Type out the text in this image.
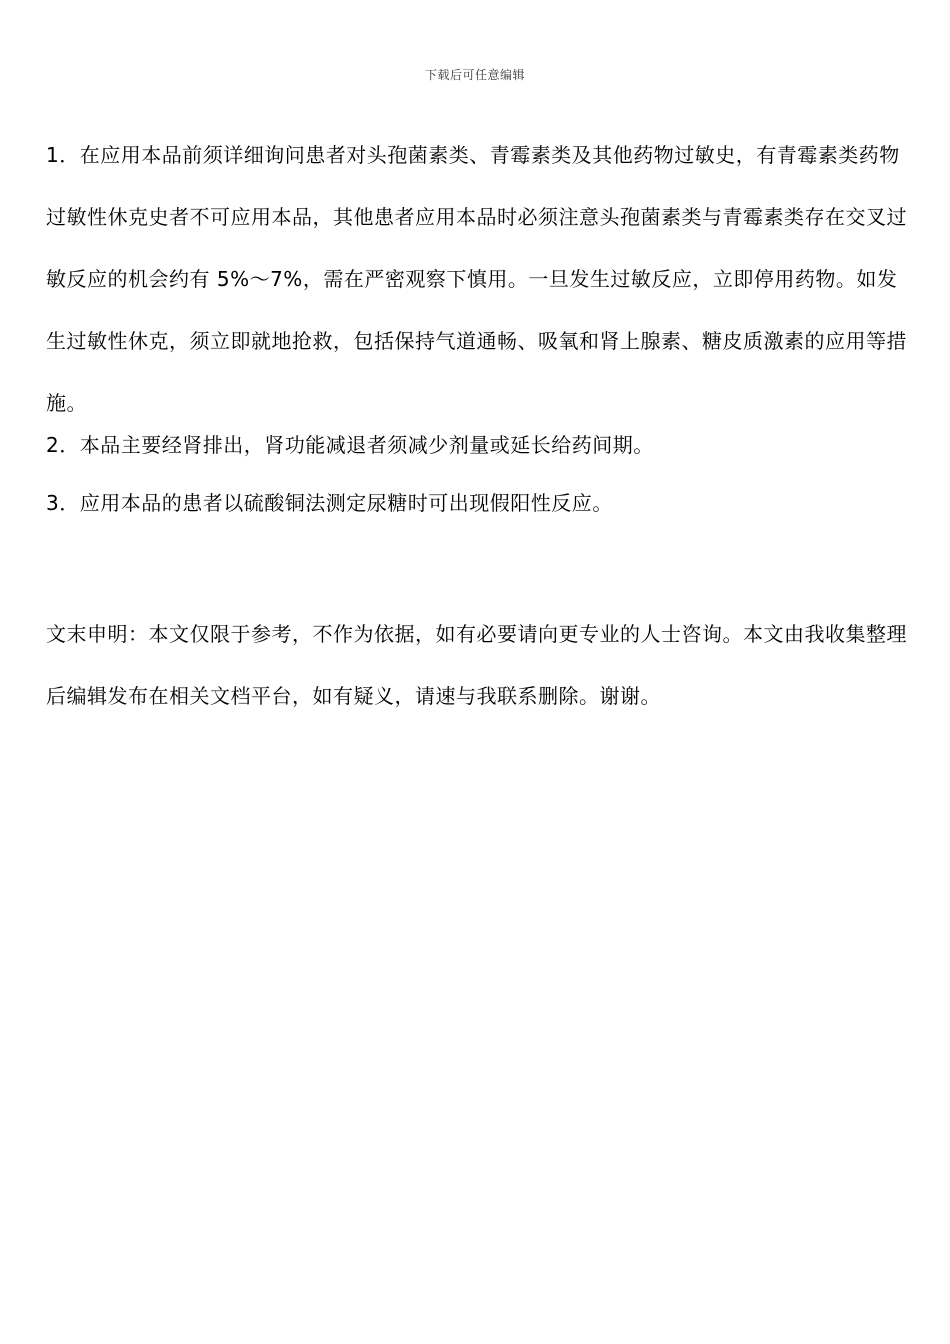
下载后可任意编辑

1．在应用本品前须详细询问患者对头孢菌素类、青霉素类及其他药物过敏史，有青霉素类药物过敏性休克史者不可应用本品，其他患者应用本品时必须注意头孢菌素类与青霉素类存在交叉过敏反应的机会约有 5%～7%，需在严密观察下慎用。一旦发生过敏反应，立即停用药物。如发生过敏性休克，须立即就地抢救，包括保持气道通畅、吸氧和肾上腺素、糖皮质激素的应用等措施。

2．本品主要经肾排出，肾功能减退者须减少剂量或延长给药间期。

3．应用本品的患者以硫酸铜法测定尿糖时可出现假阳性反应。

文末申明：本文仅限于参考，不作为依据，如有必要请向更专业的人士咨询。本文由我收集整理后编辑发布在相关文档平台，如有疑义，请速与我联系删除。谢谢。
